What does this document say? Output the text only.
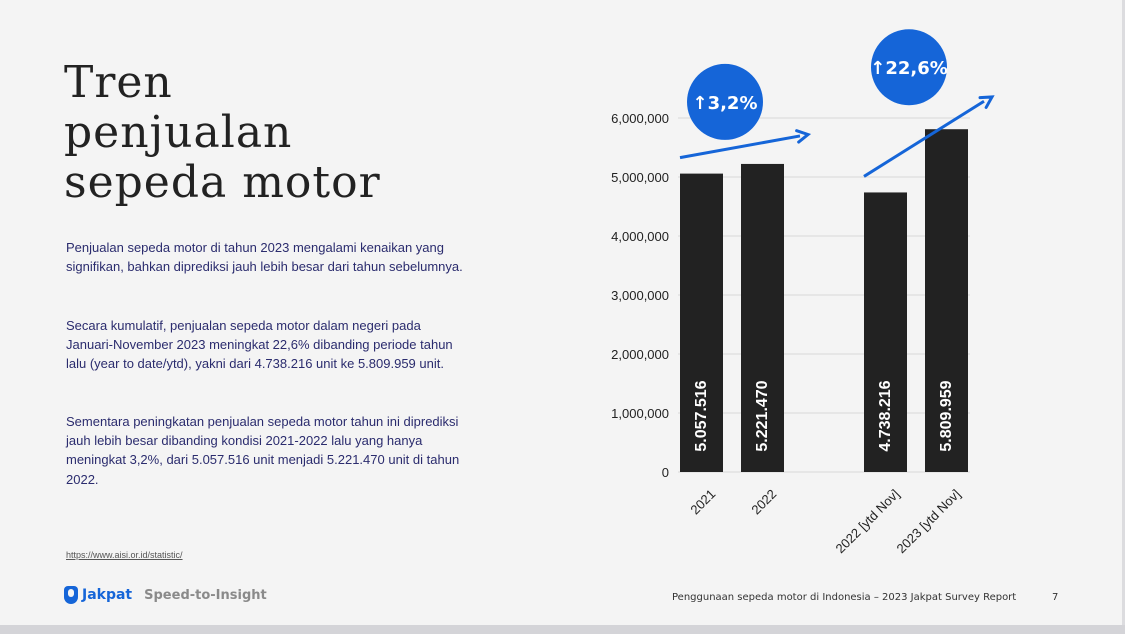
Tren
penjualan
sepeda motor

Penjualan sepeda motor di tahun 2023 mengalami kenaikan yang signifikan, bahkan diprediksi jauh lebih besar dari tahun sebelumnya.

Secara kumulatif, penjualan sepeda motor dalam negeri pada Januari-November 2023 meningkat 22,6% dibanding periode tahun lalu (year to date/ytd), yakni dari 4.738.216 unit ke 5.809.959 unit.

Sementara peningkatan penjualan sepeda motor tahun ini diprediksi jauh lebih besar dibanding kondisi 2021-2022 lalu yang hanya meningkat 3,2%, dari 5.057.516 unit menjadi 5.221.470 unit di tahun 2022.

https://www.aisi.or.id/statistic/
Jakpat Speed-to-Insight	Penggunaan sepeda motor di Indonesia – 2023 Jakpat Survey Report	7
0
1,000,000
2,000,000
3,000,000
4,000,000
5,000,000
6,000,000
5.057.516
2021
5.221.470
2022
4.738.216
2022 [ytd Nov]
5.809.959
2023 [ytd Nov]
↑3,2%
↑22,6%
